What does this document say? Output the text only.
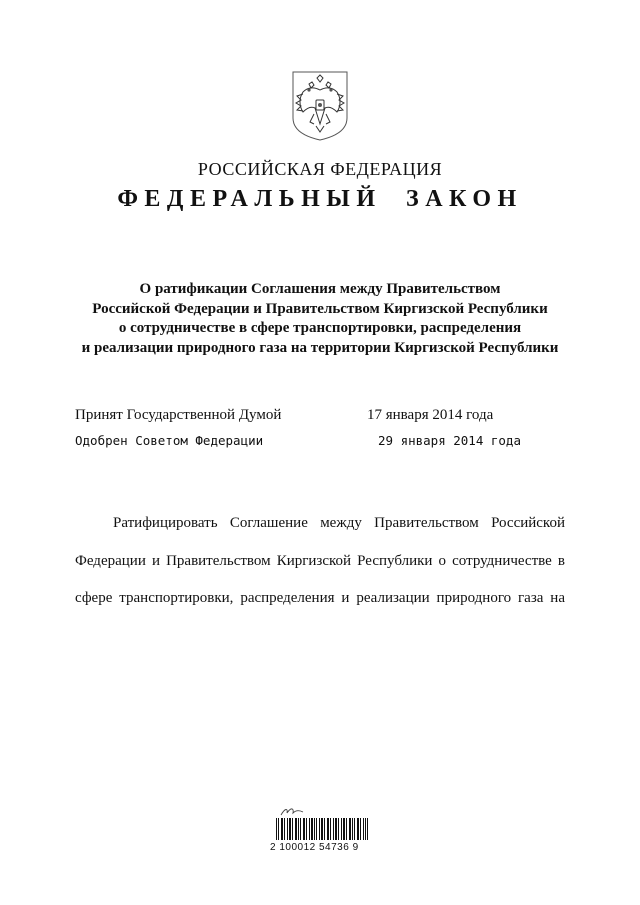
РОССИЙСКАЯ ФЕДЕРАЦИЯ
ФЕДЕРАЛЬНЫЙ ЗАКОН
О ратификации Соглашения между Правительством
Российской Федерации и Правительством Киргизской Республики
о сотрудничестве в сфере транспортировки, распределения
и реализации природного газа на территории Киргизской Республики
Принят Государственной Думой	17 января 2014 года
Одобрен Советом Федерации	29 января 2014 года
Ратифицировать Соглашение между Правительством Российской
Федерации и Правительством Киргизской Республики о сотрудничестве в
сфере транспортировки, распределения и реализации природного газа на
2 100012 54736 9
